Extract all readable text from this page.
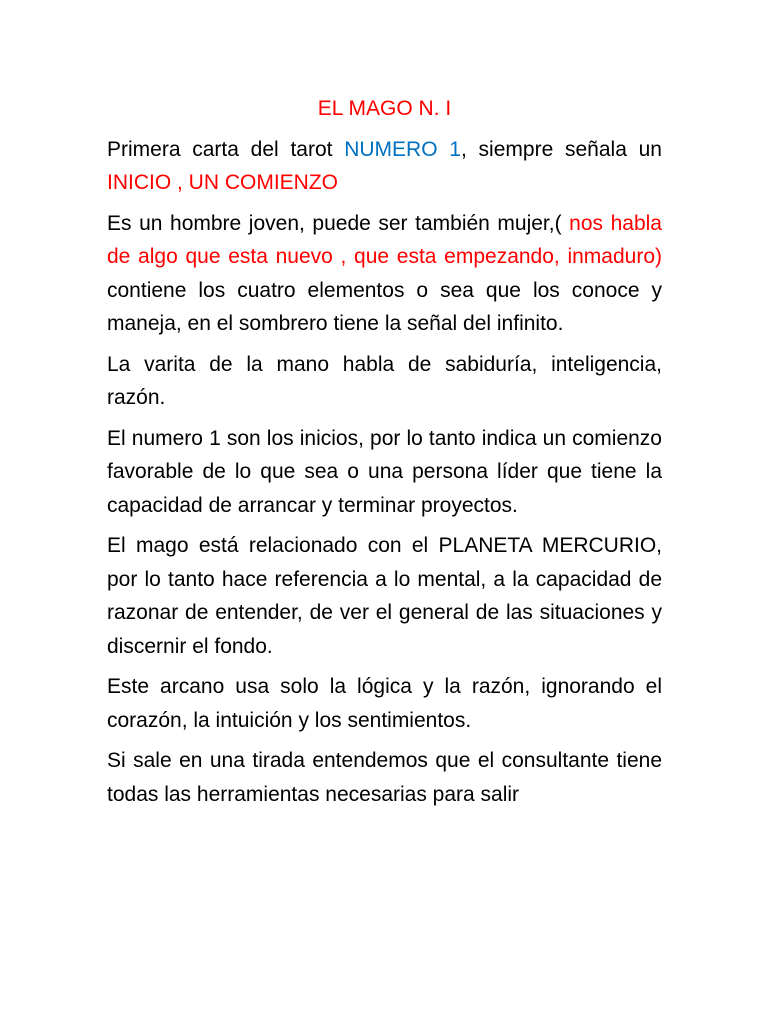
EL MAGO N. I

Primera carta del tarot NUMERO 1, siempre señala un INICIO , UN COMIENZO

Es un hombre joven, puede ser también mujer,( nos habla de algo que esta nuevo , que esta empezando, inmaduro) contiene los cuatro elementos o sea que los conoce y maneja, en el sombrero tiene la señal del infinito.

La varita de la mano habla de sabiduría, inteligencia, razón.

El numero 1 son los inicios, por lo tanto indica un comienzo favorable de lo que sea o una persona líder que tiene la capacidad de arrancar y terminar proyectos.

El mago está relacionado con el PLANETA MERCURIO, por lo tanto hace referencia a lo mental, a la capacidad de razonar de entender, de ver el general de las situaciones y discernir el fondo.

Este arcano usa solo la lógica y la razón, ignorando el corazón, la intuición y los sentimientos.

Si sale en una tirada entendemos que el consultante tiene todas las herramientas necesarias para salir
